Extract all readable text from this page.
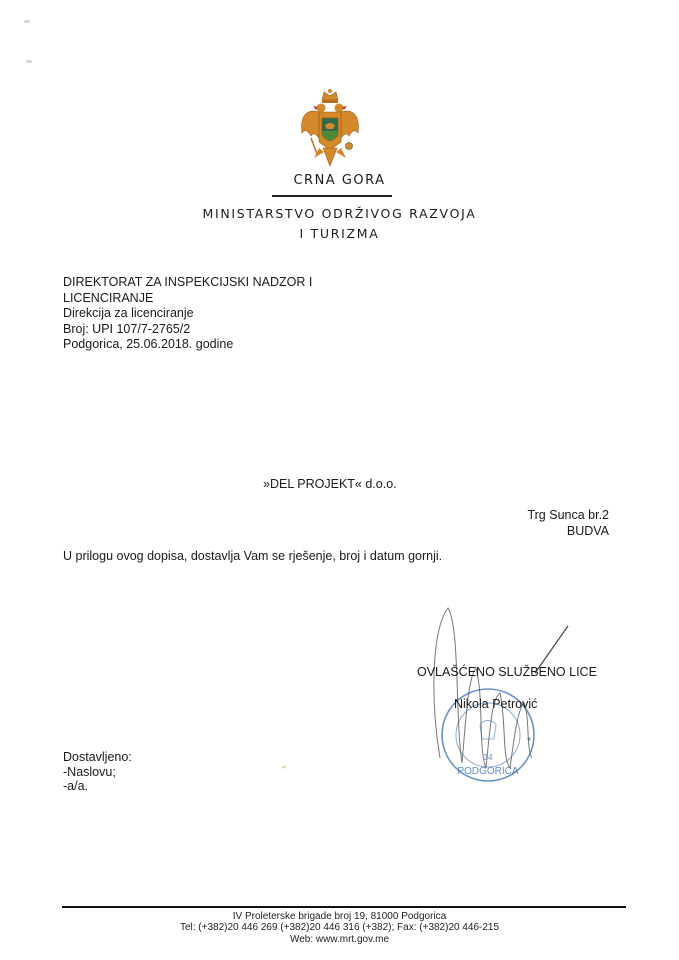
CRNA GORA
MINISTARSTVO ODRŽIVOG RAZVOJA
I TURIZMA
DIREKTORAT ZA INSPEKCIJSKI NADZOR I
LICENCIRANJE
Direkcija za licenciranje
Broj: UPI 107/7-2765/2
Podgorica, 25.06.2018. godine
»DEL PROJEKT« d.o.o.
Trg Sunca br.2
BUDVA
U prilogu ovog dopisa, dostavlja Vam se rješenje, broj i datum gornji.
PODGORICA
34
OVLAŠĆENO SLUŽBENO LICE
Nikola Petrović
Dostavljeno:
-Naslovu;
-a/a.
IV Proleterske brigade broj 19, 81000 Podgorica
Tel: (+382)20 446 269 (+382)20 446 316 (+382); Fax: (+382)20 446-215
Web: www.mrt.gov.me
